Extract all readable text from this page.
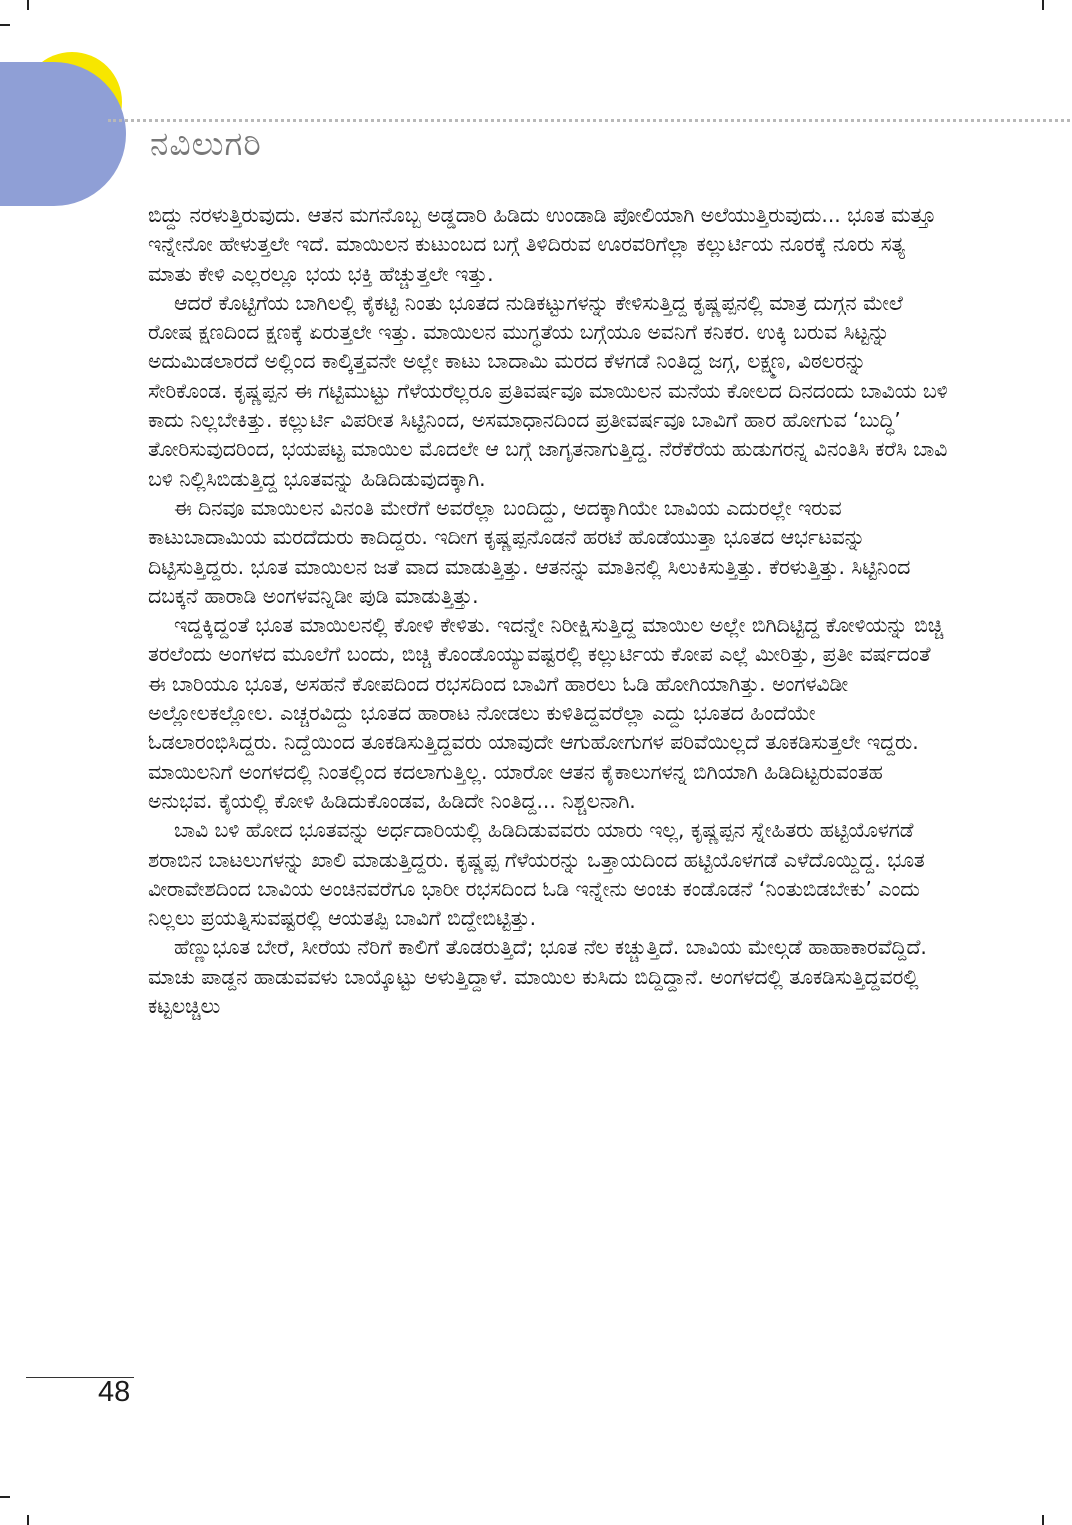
ನವಿಲುಗರಿ

ಬಿದ್ದು ನರಳುತ್ತಿರುವುದು. ಆತನ ಮಗನೊಬ್ಬ ಅಡ್ಡದಾರಿ ಹಿಡಿದು ಉಂಡಾಡಿ ಪೋಲಿಯಾಗಿ ಅಲೆಯುತ್ತಿರುವುದು... ಭೂತ ಮತ್ತೂ ಇನ್ನೇನೋ ಹೇಳುತ್ತಲೇ ಇದೆ. ಮಾಯಿಲನ ಕುಟುಂಬದ ಬಗ್ಗೆ ತಿಳಿದಿರುವ ಊರವರಿಗೆಲ್ಲಾ ಕಲ್ಲುರ್ಟಿಯ ನೂರಕ್ಕೆ ನೂರು ಸತ್ಯ ಮಾತು ಕೇಳಿ ಎಲ್ಲರಲ್ಲೂ ಭಯ ಭಕ್ತಿ ಹೆಚ್ಚುತ್ತಲೇ ಇತ್ತು.

ಆದರೆ ಕೊಟ್ಟಿಗೆಯ ಬಾಗಿಲಲ್ಲಿ ಕೈಕಟ್ಟಿ ನಿಂತು ಭೂತದ ನುಡಿಕಟ್ಟುಗಳನ್ನು ಕೇಳಿಸುತ್ತಿದ್ದ ಕೃಷ್ಣಪ್ಪನಲ್ಲಿ ಮಾತ್ರ ದುಗ್ಗನ ಮೇಲೆ ರೋಷ ಕ್ಷಣದಿಂದ ಕ್ಷಣಕ್ಕೆ ಏರುತ್ತಲೇ ಇತ್ತು. ಮಾಯಿಲನ ಮುಗ್ಧತೆಯ ಬಗ್ಗೆಯೂ ಅವನಿಗೆ ಕನಿಕರ. ಉಕ್ಕಿ ಬರುವ ಸಿಟ್ಟನ್ನು ಅದುಮಿಡಲಾರದೆ ಅಲ್ಲಿಂದ ಕಾಲ್ಕಿತ್ತವನೇ ಅಲ್ಲೇ ಕಾಟು ಬಾದಾಮಿ ಮರದ ಕೆಳಗಡೆ ನಿಂತಿದ್ದ ಜಗ್ಗ, ಲಕ್ಷ್ಮಣ, ವಿಠಲರನ್ನು ಸೇರಿಕೊಂಡ. ಕೃಷ್ಣಪ್ಪನ ಈ ಗಟ್ಟಿಮುಟ್ಟು ಗೆಳೆಯರೆಲ್ಲರೂ ಪ್ರತಿವರ್ಷವೂ ಮಾಯಿಲನ ಮನೆಯ ಕೋಲದ ದಿನದಂದು ಬಾವಿಯ ಬಳಿ ಕಾದು ನಿಲ್ಲಬೇಕಿತ್ತು. ಕಲ್ಲುರ್ಟಿ ವಿಪರೀತ ಸಿಟ್ಟಿನಿಂದ, ಅಸಮಾಧಾನದಿಂದ ಪ್ರತೀವರ್ಷವೂ ಬಾವಿಗೆ ಹಾರ ಹೋಗುವ ‘ಬುದ್ಧಿ’ ತೋರಿಸುವುದರಿಂದ, ಭಯಪಟ್ಟ ಮಾಯಿಲ ಮೊದಲೇ ಆ ಬಗ್ಗೆ ಜಾಗೃತನಾಗುತ್ತಿದ್ದ. ನೆರೆಕೆರೆಯ ಹುಡುಗರನ್ನ ವಿನಂತಿಸಿ ಕರೆಸಿ ಬಾವಿ ಬಳಿ ನಿಲ್ಲಿಸಿಬಿಡುತ್ತಿದ್ದ ಭೂತವನ್ನು ಹಿಡಿದಿಡುವುದಕ್ಕಾಗಿ.

ಈ ದಿನವೂ ಮಾಯಿಲನ ವಿನಂತಿ ಮೇರೆಗೆ ಅವರೆಲ್ಲಾ ಬಂದಿದ್ದು, ಅದಕ್ಕಾಗಿಯೇ ಬಾವಿಯ ಎದುರಲ್ಲೇ ಇರುವ ಕಾಟುಬಾದಾಮಿಯ ಮರದೆದುರು ಕಾದಿದ್ದರು. ಇದೀಗ ಕೃಷ್ಣಪ್ಪನೊಡನೆ ಹರಟೆ ಹೊಡೆಯುತ್ತಾ ಭೂತದ ಆರ್ಭಟವನ್ನು ದಿಟ್ಟಿಸುತ್ತಿದ್ದರು. ಭೂತ ಮಾಯಿಲನ ಜತೆ ವಾದ ಮಾಡುತ್ತಿತ್ತು. ಆತನನ್ನು ಮಾತಿನಲ್ಲಿ ಸಿಲುಕಿಸುತ್ತಿತ್ತು. ಕೆರಳುತ್ತಿತ್ತು. ಸಿಟ್ಟಿನಿಂದ ದಬಕ್ಕನೆ ಹಾರಾಡಿ ಅಂಗಳವನ್ನಿಡೀ ಪುಡಿ ಮಾಡುತ್ತಿತ್ತು.

ಇದ್ದಕ್ಕಿದ್ದಂತೆ ಭೂತ ಮಾಯಿಲನಲ್ಲಿ ಕೋಳಿ ಕೇಳಿತು. ಇದನ್ನೇ ನಿರೀಕ್ಷಿಸುತ್ತಿದ್ದ ಮಾಯಿಲ ಅಲ್ಲೇ ಬಿಗಿದಿಟ್ಟಿದ್ದ ಕೋಳಿಯನ್ನು ಬಿಚ್ಚಿ ತರಲೆಂದು ಅಂಗಳದ ಮೂಲೆಗೆ ಬಂದು, ಬಿಚ್ಚಿ ಕೊಂಡೊಯ್ಯುವಷ್ಟರಲ್ಲಿ ಕಲ್ಲುರ್ಟಿಯ ಕೋಪ ಎಲ್ಲೆ ಮೀರಿತ್ತು, ಪ್ರತೀ ವರ್ಷದಂತೆ ಈ ಬಾರಿಯೂ ಭೂತ, ಅಸಹನೆ ಕೋಪದಿಂದ ರಭಸದಿಂದ ಬಾವಿಗೆ ಹಾರಲು ಓಡಿ ಹೋಗಿಯಾಗಿತ್ತು. ಅಂಗಳವಿಡೀ ಅಲ್ಲೋಲಕಲ್ಲೋಲ. ಎಚ್ಚರವಿದ್ದು ಭೂತದ ಹಾರಾಟ ನೋಡಲು ಕುಳಿತಿದ್ದವರೆಲ್ಲಾ ಎದ್ದು ಭೂತದ ಹಿಂದೆಯೇ ಓಡಲಾರಂಭಿಸಿದ್ದರು. ನಿದ್ದೆಯಿಂದ ತೂಕಡಿಸುತ್ತಿದ್ದವರು ಯಾವುದೇ ಆಗುಹೋಗುಗಳ ಪರಿವೆಯಿಲ್ಲದೆ ತೂಕಡಿಸುತ್ತಲೇ ಇದ್ದರು. ಮಾಯಿಲನಿಗೆ ಅಂಗಳದಲ್ಲಿ ನಿಂತಲ್ಲಿಂದ ಕದಲಾಗುತ್ತಿಲ್ಲ. ಯಾರೋ ಆತನ ಕೈಕಾಲುಗಳನ್ನ ಬಿಗಿಯಾಗಿ ಹಿಡಿದಿಟ್ಟರುವಂತಹ ಅನುಭವ. ಕೈಯಲ್ಲಿ ಕೋಳಿ ಹಿಡಿದುಕೊಂಡವ, ಹಿಡಿದೇ ನಿಂತಿದ್ದ... ನಿಶ್ಚಲನಾಗಿ.

ಬಾವಿ ಬಳಿ ಹೋದ ಭೂತವನ್ನು ಅರ್ಧದಾರಿಯಲ್ಲಿ ಹಿಡಿದಿಡುವವರು ಯಾರು ಇಲ್ಲ, ಕೃಷ್ಣಪ್ಪನ ಸ್ನೇಹಿತರು ಹಟ್ಟಿಯೊಳಗಡೆ ಶರಾಬಿನ ಬಾಟಲುಗಳನ್ನು ಖಾಲಿ ಮಾಡುತ್ತಿದ್ದರು. ಕೃಷ್ಣಪ್ಪ ಗೆಳೆಯರನ್ನು ಒತ್ತಾಯದಿಂದ ಹಟ್ಟಿಯೊಳಗಡೆ ಎಳೆದೊಯ್ದಿದ್ದ. ಭೂತ ವೀರಾವೇಶದಿಂದ ಬಾವಿಯ ಅಂಚಿನವರೆಗೂ ಭಾರೀ ರಭಸದಿಂದ ಓಡಿ ಇನ್ನೇನು ಅಂಚು ಕಂಡೊಡನೆ ‘ನಿಂತುಬಿಡಬೇಕು’ ಎಂದು ನಿಲ್ಲಲು ಪ್ರಯತ್ನಿಸುವಷ್ಟರಲ್ಲಿ ಆಯತಪ್ಪಿ ಬಾವಿಗೆ ಬಿದ್ದೇಬಿಟ್ಟಿತ್ತು.

ಹೆಣ್ಣುಭೂತ ಬೇರೆ, ಸೀರೆಯ ನೆರಿಗೆ ಕಾಲಿಗೆ ತೊಡರುತ್ತಿದೆ; ಭೂತ ನೆಲ ಕಚ್ಚುತ್ತಿದೆ. ಬಾವಿಯ ಮೇಲ್ಗಡೆ ಹಾಹಾಕಾರವೆದ್ದಿದೆ. ಮಾಚು ಪಾಡ್ದನ ಹಾಡುವವಳು ಬಾಯ್ಕೊಟ್ಟು ಅಳುತ್ತಿದ್ದಾಳೆ. ಮಾಯಿಲ ಕುಸಿದು ಬಿದ್ದಿದ್ದಾನೆ. ಅಂಗಳದಲ್ಲಿ ತೂಕಡಿಸುತ್ತಿದ್ದವರಲ್ಲಿ ಕಟ್ಟಲಚ್ಚಿಲು

48
